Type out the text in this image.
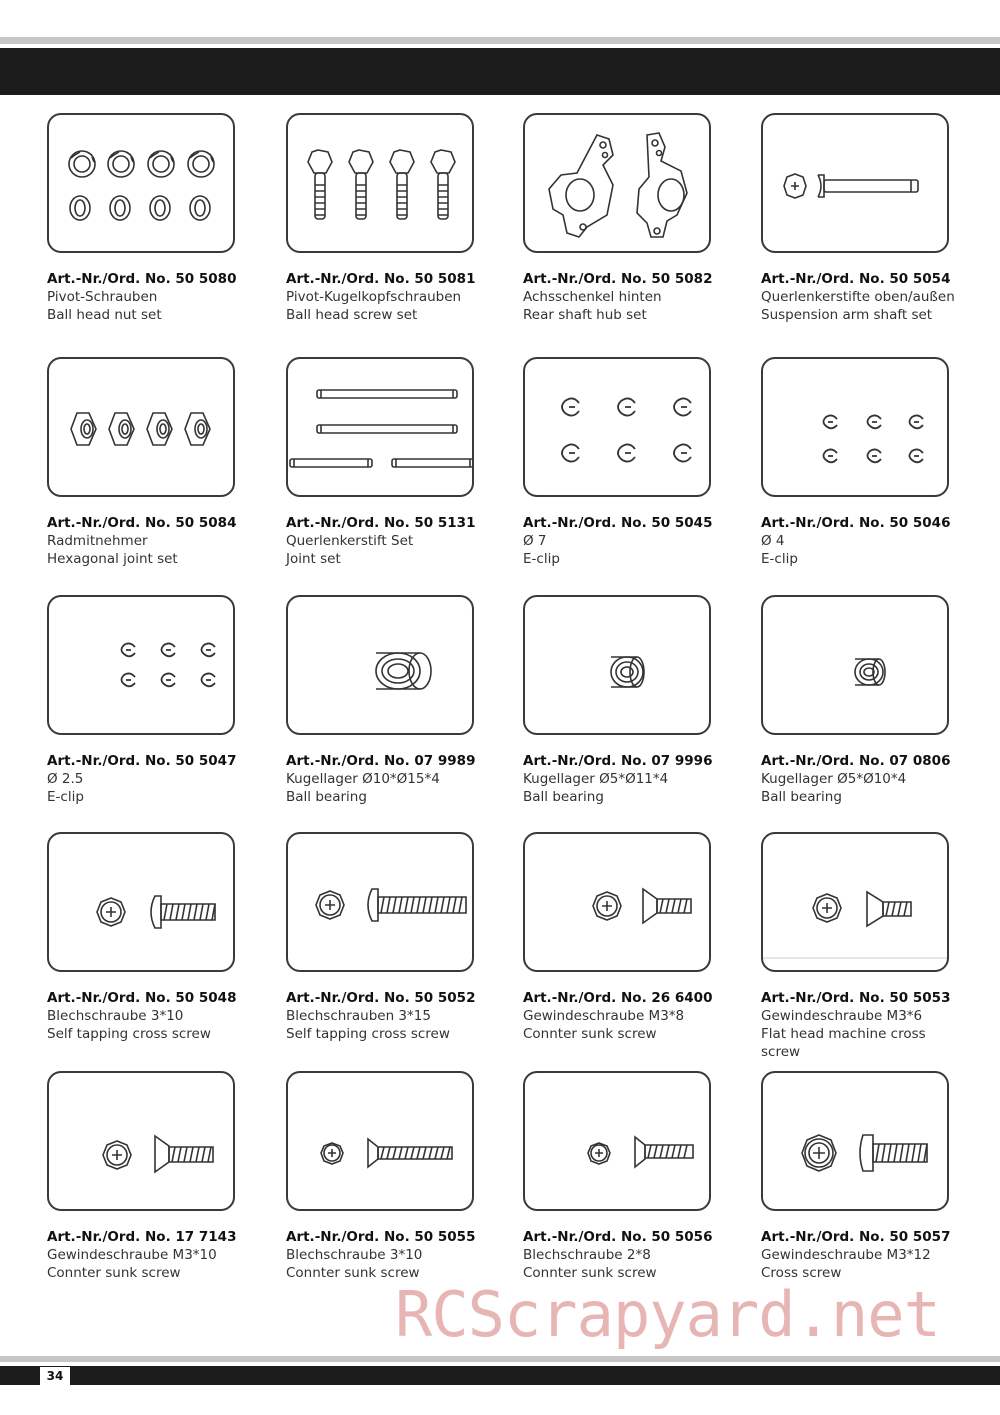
Art.-Nr./Ord. No. 50 5080
Pivot-Schrauben
Ball head nut set
Art.-Nr./Ord. No. 50 5081
Pivot-Kugelkopfschrauben
Ball head screw set
Art.-Nr./Ord. No. 50 5082
Achsschenkel hinten
Rear shaft hub set
Art.-Nr./Ord. No. 50 5054
Querlenkerstifte oben/außen
Suspension arm shaft set
Art.-Nr./Ord. No. 50 5084
Radmitnehmer
Hexagonal joint set
Art.-Nr./Ord. No. 50 5131
Querlenkerstift Set
Joint set
Art.-Nr./Ord. No. 50 5045
Ø 7
E-clip
Art.-Nr./Ord. No. 50 5046
Ø 4
E-clip
Art.-Nr./Ord. No. 50 5047
Ø 2.5
E-clip
Art.-Nr./Ord. No. 07 9989
Kugellager Ø10*Ø15*4
Ball bearing
Art.-Nr./Ord. No. 07 9996
Kugellager Ø5*Ø11*4
Ball bearing
Art.-Nr./Ord. No. 07 0806
Kugellager Ø5*Ø10*4
Ball bearing
Art.-Nr./Ord. No. 50 5048
Blechschraube 3*10
Self tapping cross screw
Art.-Nr./Ord. No. 50 5052
Blechschrauben 3*15
Self tapping cross screw
Art.-Nr./Ord. No. 26 6400
Gewindeschraube M3*8
Connter sunk screw
Art.-Nr./Ord. No. 50 5053
Gewindeschraube M3*6
Flat head machine cross screw
Art.-Nr./Ord. No. 17 7143
Gewindeschraube M3*10
Connter sunk screw
Art.-Nr./Ord. No. 50 5055
Blechschraube 3*10
Connter sunk screw
Art.-Nr./Ord. No. 50 5056
Blechschraube 2*8
Connter sunk screw
Art.-Nr./Ord. No. 50 5057
Gewindeschraube M3*12
Cross screw
RCScrapyard.net
34
